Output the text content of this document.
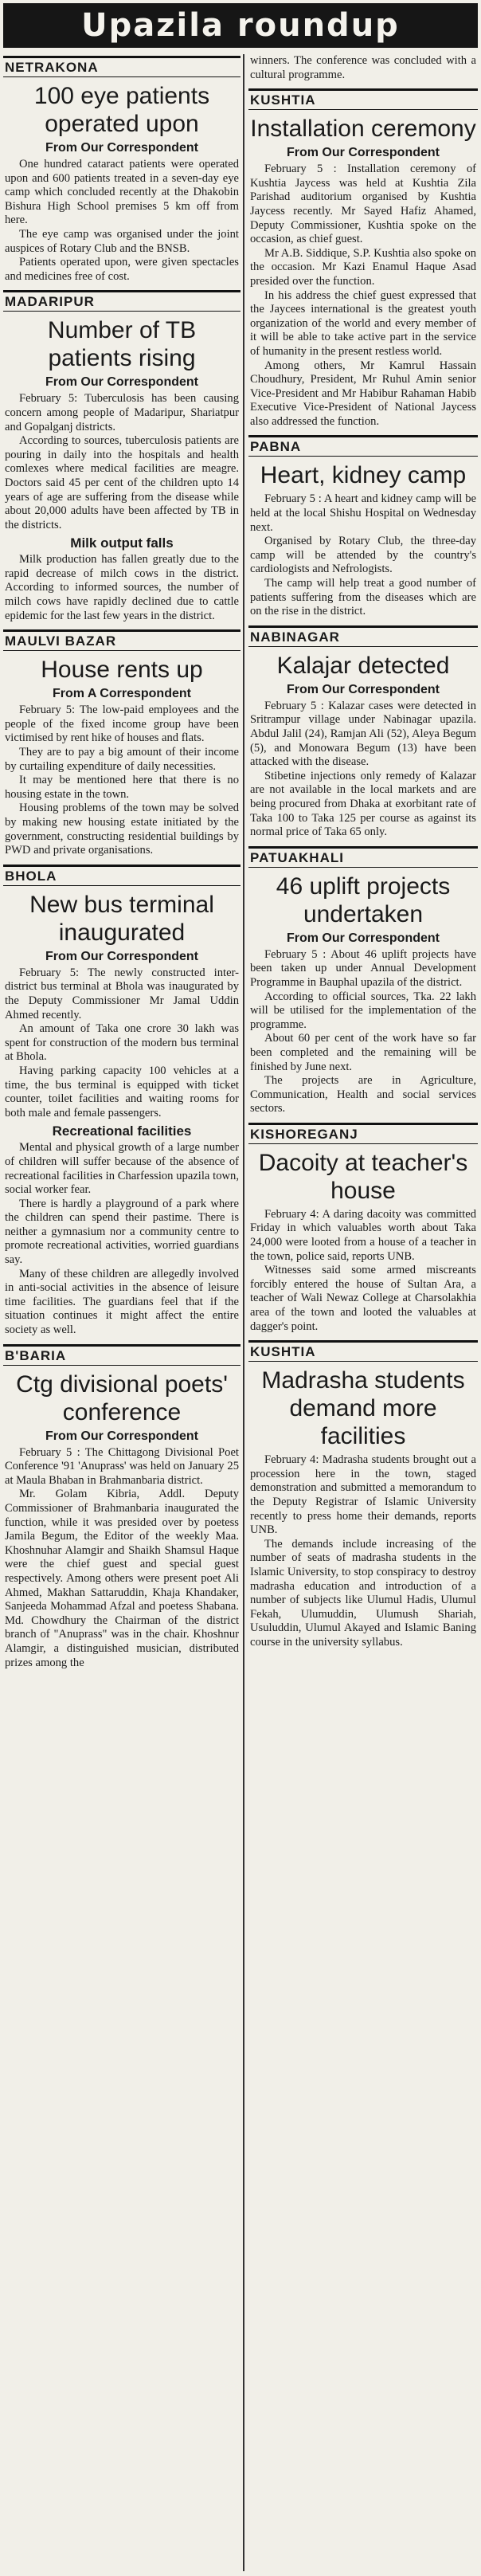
Upazila roundup
NETRAKONA
100 eye patients operated upon
From Our Correspondent

One hundred cataract patients were operated upon and 600 patients treated in a seven-day eye camp which concluded recently at the Dhakobin Bishura High School premises 5 km off from here.

The eye camp was organised under the joint auspices of Rotary Club and the BNSB.

Patients operated upon, were given spectacles and medicines free of cost.

MADARIPUR
Number of TB patients rising
From Our Correspondent

February 5: Tuberculosis has been causing concern among people of Madaripur, Shariatpur and Gopalganj districts.

According to sources, tuberculosis patients are pouring in daily into the hospitals and health comlexes where medical facilities are meagre. Doctors said 45 per cent of the children upto 14 years of age are suffering from the disease while about 20,000 adults have been affected by TB in the districts.

Milk output falls

Milk production has fallen greatly due to the rapid decrease of milch cows in the district. According to informed sources, the number of milch cows have rapidly declined due to cattle epidemic for the last few years in the district.

MAULVI BAZAR
House rents up
From A Correspondent

February 5: The low-paid employees and the people of the fixed income group have been victimised by rent hike of houses and flats.

They are to pay a big amount of their income by curtailing expenditure of daily necessities.

It may be mentioned here that there is no housing estate in the town.

Housing problems of the town may be solved by making new housing estate initiated by the government, constructing residential buildings by PWD and private organisations.

BHOLA
New bus terminal inaugurated
From Our Correspondent

February 5: The newly constructed inter-district bus terminal at Bhola was inaugurated by the Deputy Commissioner Mr Jamal Uddin Ahmed recently.

An amount of Taka one crore 30 lakh was spent for construction of the modern bus terminal at Bhola.

Having parking capacity 100 vehicles at a time, the bus terminal is equipped with ticket counter, toilet facilities and waiting rooms for both male and female passengers.

Recreational facilities

Mental and physical growth of a large number of children will suffer because of the absence of recreational facilities in Charfession upazila town, social worker fear.

There is hardly a playground of a park where the children can spend their pastime. There is neither a gymnasium nor a community centre to promote recreational activities, worried guardians say.

Many of these children are allegedly involved in anti-social activities in the absence of leisure time facilities. The guardians feel that if the situation continues it might affect the entire society as well.

B'BARIA
Ctg divisional poets' conference
From Our Correspondent

February 5 : The Chittagong Divisional Poet Conference '91 'Anuprass' was held on January 25 at Maula Bhaban in Brahmanbaria district.

Mr. Golam Kibria, Addl. Deputy Commissioner of Brahmanbaria inaugurated the function, while it was presided over by poetess Jamila Begum, the Editor of the weekly Maa. Khoshnuhar Alamgir and Shaikh Shamsul Haque were the chief guest and special guest respectively. Among others were present poet Ali Ahmed, Makhan Sattaruddin, Khaja Khandaker, Sanjeeda Mohammad Afzal and poetess Shabana. Md. Chowdhury the Chairman of the district branch of "Anuprass" was in the chair. Khoshnur Alamgir, a distinguished musician, distributed prizes among the

winners. The conference was concluded with a cultural programme.

KUSHTIA
Installation ceremony
From Our Correspondent

February 5 : Installation ceremony of Kushtia Jaycess was held at Kushtia Zila Parishad auditorium organised by Kushtia Jaycess recently. Mr Sayed Hafiz Ahamed, Deputy Commissioner, Kushtia spoke on the occasion, as chief guest.

Mr A.B. Siddique, S.P. Kushtia also spoke on the occasion. Mr Kazi Enamul Haque Asad presided over the function.

In his address the chief guest expressed that the Jaycees international is the greatest youth organization of the world and every member of it will be able to take active part in the service of humanity in the present restless world.

Among others, Mr Kamrul Hassain Choudhury, President, Mr Ruhul Amin senior Vice-President and Mr Habibur Rahaman Habib Executive Vice-President of National Jaycess also addressed the function.

PABNA
Heart, kidney camp

February 5 : A heart and kidney camp will be held at the local Shishu Hospital on Wednesday next.

Organised by Rotary Club, the three-day camp will be attended by the country's cardiologists and Nefrologists.

The camp will help treat a good number of patients suffering from the diseases which are on the rise in the district.

NABINAGAR
Kalajar detected
From Our Correspondent

February 5 : Kalazar cases were detected in Sritrampur village under Nabinagar upazila. Abdul Jalil (24), Ramjan Ali (52), Aleya Begum (5), and Monowara Begum (13) have been attacked with the disease.

Stibetine injections only remedy of Kalazar are not available in the local markets and are being procured from Dhaka at exorbitant rate of Taka 100 to Taka 125 per course as against its normal price of Taka 65 only.

PATUAKHALI
46 uplift projects undertaken
From Our Correspondent

February 5 : About 46 uplift projects have been taken up under Annual Development Programme in Bauphal upazila of the district.

According to official sources, Tka. 22 lakh will be utilised for the implementation of the programme.

About 60 per cent of the work have so far been completed and the remaining will be finished by June next.

The projects are in Agriculture, Communication, Health and social services sectors.

KISHOREGANJ
Dacoity at teacher's house

February 4: A daring dacoity was committed Friday in which valuables worth about Taka 24,000 were looted from a house of a teacher in the town, police said, reports UNB.

Witnesses said some armed miscreants forcibly entered the house of Sultan Ara, a teacher of Wali Newaz College at Charsolakhia area of the town and looted the valuables at dagger's point.

KUSHTIA
Madrasha students demand more facilities

February 4: Madrasha students brought out a procession here in the town, staged demonstration and submitted a memorandum to the Deputy Registrar of Islamic University recently to press home their demands, reports UNB.

The demands include increasing of the number of seats of madrasha students in the Islamic University, to stop conspiracy to destroy madrasha education and introduction of a number of subjects like Ulumul Hadis, Ulumul Fekah, Ulumuddin, Ulumush Shariah, Usuluddin, Ulumul Akayed and Islamic Baning course in the university syllabus.
